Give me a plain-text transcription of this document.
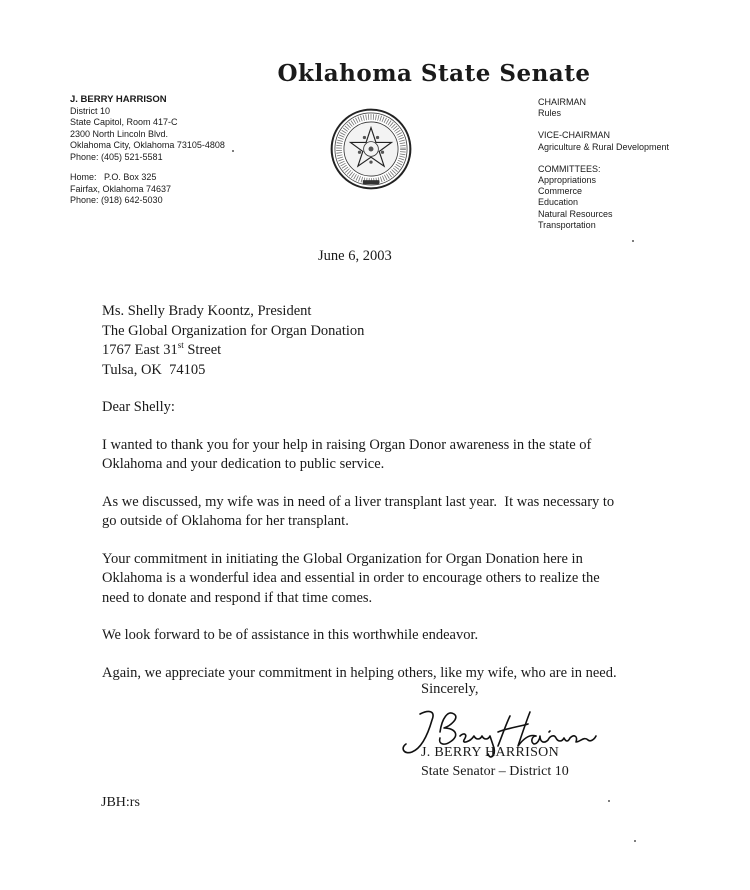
Oklahoma State Senate
J. BERRY HARRISON
District 10
State Capitol, Room 417-C
2300 North Lincoln Blvd.
Oklahoma City, Oklahoma 73105-4808
Phone: (405) 521-5581
Home:   P.O. Box 325
Fairfax, Oklahoma 74637
Phone: (918) 642-5030
CHAIRMAN
Rules
VICE-CHAIRMAN
Agriculture & Rural Development
COMMITTEES:
Appropriations
Commerce
Education
Natural Resources
Transportation
June 6, 2003
Ms. Shelly Brady Koontz, President
The Global Organization for Organ Donation
1767 East 31st Street
Tulsa, OK  74105

Dear Shelly:

I wanted to thank you for your help in raising Organ Donor awareness in the state of Oklahoma and your dedication to public service.

As we discussed, my wife was in need of a liver transplant last year.  It was necessary to go outside of Oklahoma for her transplant.

Your commitment in initiating the Global Organization for Organ Donation here in Oklahoma is a wonderful idea and essential in order to encourage others to realize the need to donate and respond if that time comes.

We look forward to be of assistance in this worthwhile endeavor.

Again, we appreciate your commitment in helping others, like my wife, who are in need.

Sincerely,
J. BERRY HARRISON
State Senator – District 10
JBH:rs
